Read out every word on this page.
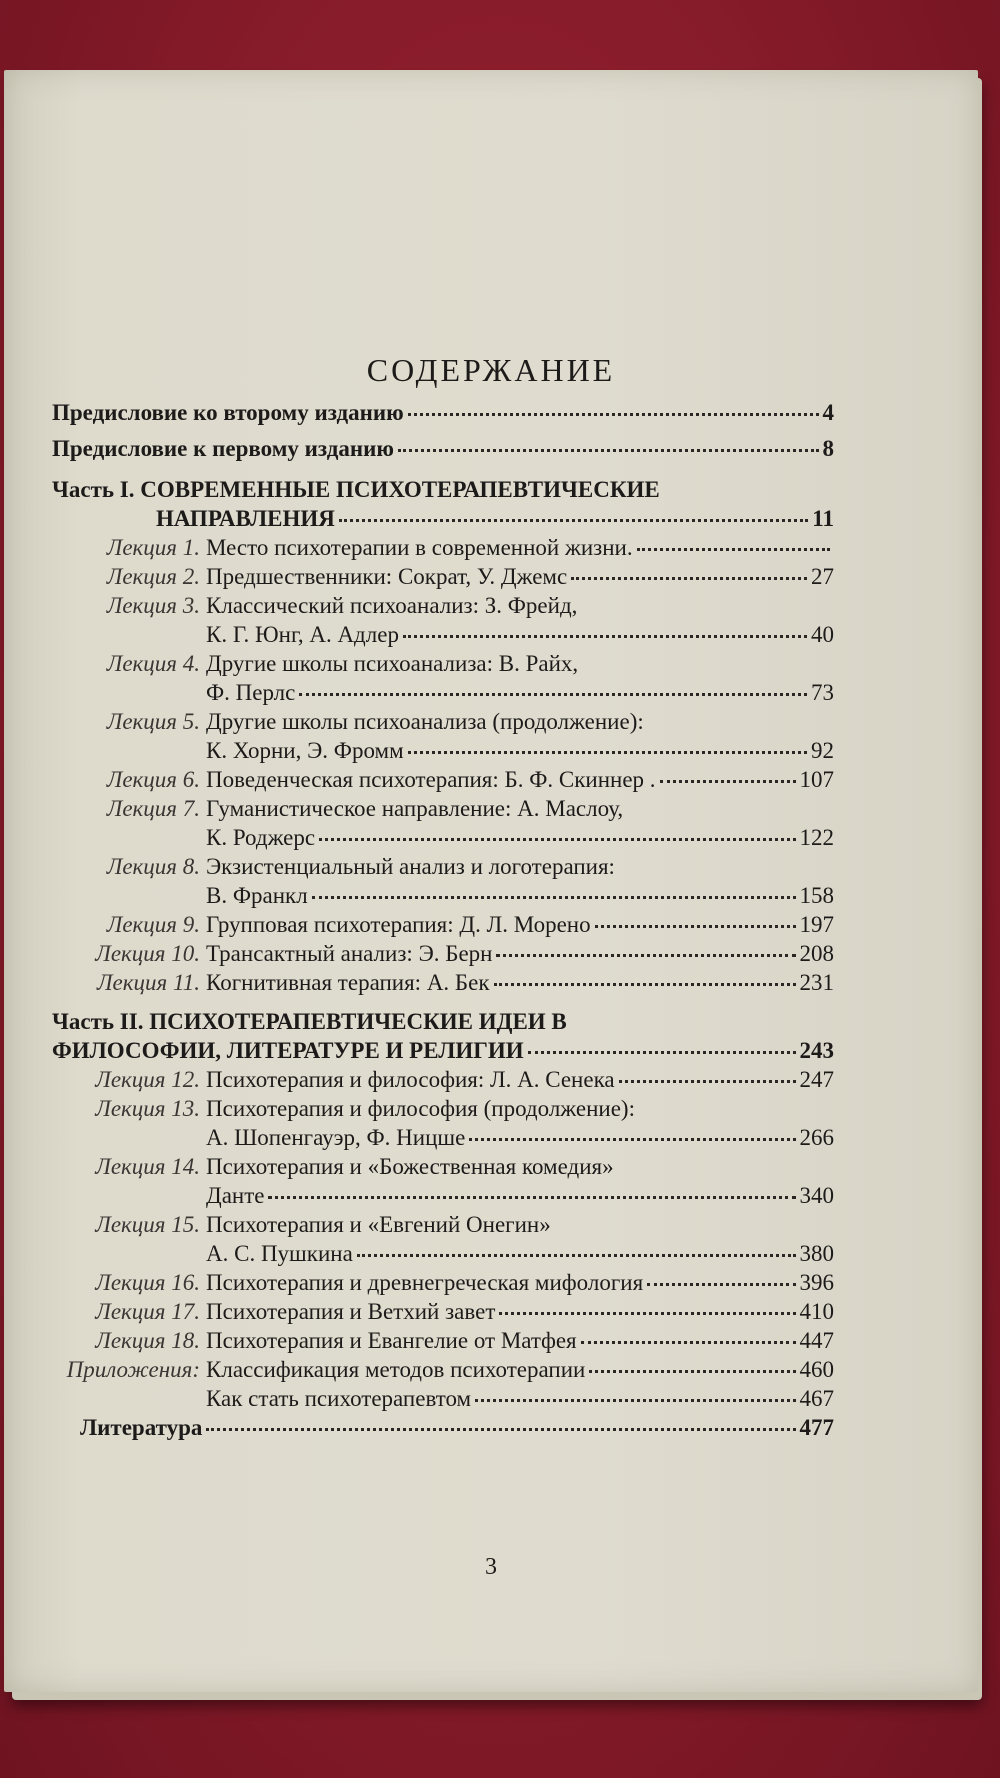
СОДЕРЖАНИЕ
Предисловие ко второму изданию	4
Предисловие к первому изданию	8
Часть I. СОВРЕМЕННЫЕ ПСИХОТЕРАПЕВТИЧЕСКИЕ
НАПРАВЛЕНИЯ	11
Лекция 1. Место психотерапии в современной жизни.
Лекция 2. Предшественники: Сократ, У. Джемс	27
Лекция 3. Классический психоанализ: З. Фрейд,
К. Г. Юнг, А. Адлер	40
Лекция 4. Другие школы психоанализа: В. Райх,
Ф. Перлс	73
Лекция 5. Другие школы психоанализа (продолжение):
К. Хорни, Э. Фромм	92
Лекция 6. Поведенческая психотерапия: Б. Ф. Скиннер .	107
Лекция 7. Гуманистическое направление: А. Маслоу,
К. Роджерс	122
Лекция 8. Экзистенциальный анализ и логотерапия:
В. Франкл	158
Лекция 9. Групповая психотерапия: Д. Л. Морено	197
Лекция 10. Трансактный анализ: Э. Берн	208
Лекция 11. Когнитивная терапия: А. Бек	231
Часть II. ПСИХОТЕРАПЕВТИЧЕСКИЕ ИДЕИ В
ФИЛОСОФИИ, ЛИТЕРАТУРЕ И РЕЛИГИИ	243
Лекция 12. Психотерапия и философия: Л. А. Сенека	247
Лекция 13. Психотерапия и философия (продолжение):
А. Шопенгауэр, Ф. Ницше	266
Лекция 14. Психотерапия и «Божественная комедия»
Данте	340
Лекция 15. Психотерапия и «Евгений Онегин»
А. С. Пушкина	380
Лекция 16. Психотерапия и древнегреческая мифология	396
Лекция 17. Психотерапия и Ветхий завет	410
Лекция 18. Психотерапия и Евангелие от Матфея	447
Приложения: Классификация методов психотерапии	460
Как стать психотерапевтом	467
Литература	477
3
